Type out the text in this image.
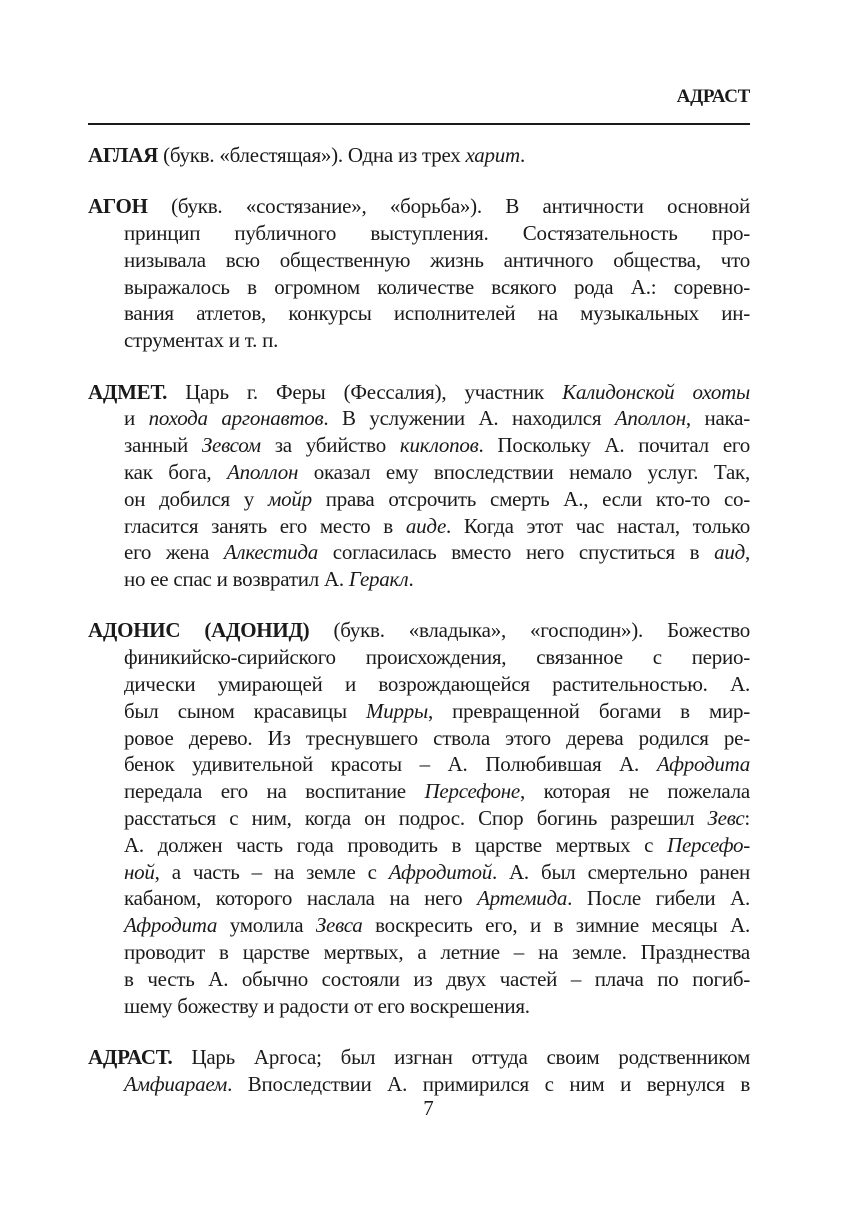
АДРАСТ
АГЛАЯ (букв. «блестящая»). Одна из трех харит.
АГОН (букв. «состязание», «борьба»). В античности основной
принцип публичного выступления. Состязательность про-
низывала всю общественную жизнь античного общества, что
выражалось в огромном количестве всякого рода А.: соревно-
вания атлетов, конкурсы исполнителей на музыкальных ин-
струментах и т. п.
АДМЕТ. Царь г. Феры (Фессалия), участник Калидонской охоты
и похода аргонавтов. В услужении А. находился Аполлон, нака-
занный Зевсом за убийство киклопов. Поскольку А. почитал его
как бога, Аполлон оказал ему впоследствии немало услуг. Так,
он добился у мойр права отсрочить смерть А., если кто-то со-
гласится занять его место в аиде. Когда этот час настал, только
его жена Алкестида согласилась вместо него спуститься в аид,
но ее спас и возвратил А. Геракл.
АДОНИС (АДОНИД) (букв. «владыка», «господин»). Божество
финикийско-сирийского происхождения, связанное с перио-
дически умирающей и возрождающейся растительностью. А.
был сыном красавицы Мирры, превращенной богами в мир-
ровое дерево. Из треснувшего ствола этого дерева родился ре-
бенок удивительной красоты – А. Полюбившая А. Афродита
передала его на воспитание Персефоне, которая не пожелала
расстаться с ним, когда он подрос. Спор богинь разрешил Зевс:
А. должен часть года проводить в царстве мертвых с Персефо-
ной, а часть – на земле с Афродитой. А. был смертельно ранен
кабаном, которого наслала на него Артемида. После гибели А.
Афродита умолила Зевса воскресить его, и в зимние месяцы А.
проводит в царстве мертвых, а летние – на земле. Празднества
в честь А. обычно состояли из двух частей – плача по погиб-
шему божеству и радости от его воскрешения.
АДРАСТ. Царь Аргоса; был изгнан оттуда своим родственником
Амфиараем. Впоследствии А. примирился с ним и вернулся в
7
